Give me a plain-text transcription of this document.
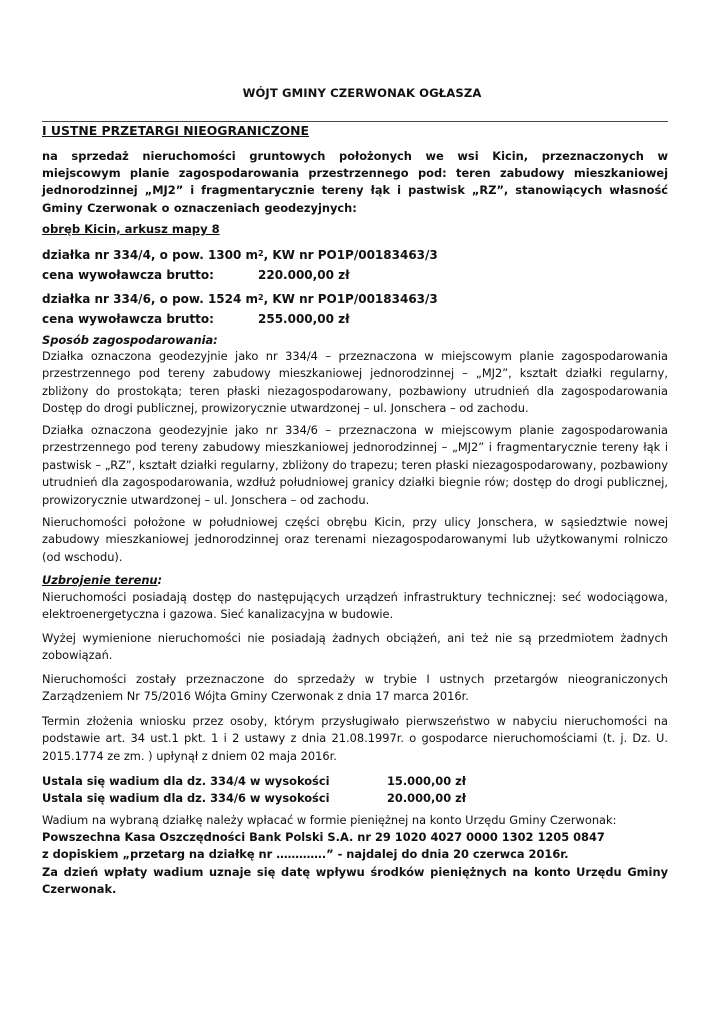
WÓJT GMINY CZERWONAK OGŁASZA
I USTNE PRZETARGI NIEOGRANICZONE
na sprzedaż nieruchomości gruntowych położonych we wsi Kicin, przeznaczonych w miejscowym planie zagospodarowania przestrzennego pod: teren zabudowy mieszkaniowej jednorodzinnej „MJ2” i fragmentarycznie tereny łąk i pastwisk „RZ”, stanowiących własność Gminy Czerwonak o oznaczeniach geodezyjnych:
obręb Kicin, arkusz mapy 8
działka nr 334/4, o pow. 1300 $m^2$, KW nr PO1P/00183463/3
cena wywoławcza brutto:	220.000,00 zł
działka nr 334/6, o pow. 1524 $m^2$, KW nr PO1P/00183463/3
cena wywoławcza brutto:	255.000,00 zł
Sposób zagospodarowania:
Działka oznaczona geodezyjnie jako nr 334/4 – przeznaczona w miejscowym planie zagospodarowania przestrzennego pod tereny zabudowy mieszkaniowej jednorodzinnej – „MJ2”, kształt działki regularny, zbliżony do prostokąta; teren płaski niezagospodarowany, pozbawiony utrudnień dla zagospodarowania Dostęp do drogi publicznej, prowizorycznie utwardzonej – ul. Jonschera – od zachodu.
Działka oznaczona geodezyjnie jako nr 334/6 – przeznaczona w miejscowym planie zagospodarowania przestrzennego pod tereny zabudowy mieszkaniowej jednorodzinnej – „MJ2” i fragmentarycznie tereny łąk i pastwisk – „RZ”, kształt działki regularny, zbliżony do trapezu; teren płaski niezagospodarowany, pozbawiony utrudnień dla zagospodarowania, wzdłuż południowej granicy działki biegnie rów; dostęp do drogi publicznej, prowizorycznie utwardzonej – ul. Jonschera – od zachodu.
Nieruchomości położone w południowej części obrębu Kicin, przy ulicy Jonschera, w sąsiedztwie nowej zabudowy mieszkaniowej jednorodzinnej oraz terenami niezagospodarowanymi lub użytkowanymi rolniczo (od wschodu).
Uzbrojenie terenu:
Nieruchomości posiadają dostęp do następujących urządzeń infrastruktury technicznej: seć wodociągowa, elektroenergetyczna i gazowa. Sieć kanalizacyjna w budowie.
Wyżej wymienione nieruchomości nie posiadają żadnych obciążeń, ani też nie są przedmiotem żadnych zobowiązań.
Nieruchomości zostały przeznaczone do sprzedaży w trybie I ustnych przetargów nieograniczonych Zarządzeniem Nr 75/2016 Wójta Gminy Czerwonak z dnia 17 marca 2016r.
Termin złożenia wniosku przez osoby, którym przysługiwało pierwszeństwo w nabyciu nieruchomości na podstawie art. 34 ust.1 pkt. 1 i 2 ustawy z dnia 21.08.1997r. o gospodarce nieruchomościami (t. j. Dz. U. 2015.1774 ze zm. ) upłynął z dniem 02 maja 2016r.
Ustala się wadium dla dz. 334/4 w wysokości	15.000,00 zł
Ustala się wadium dla dz. 334/6 w wysokości	20.000,00 zł
Wadium na wybraną działkę należy wpłacać w formie pieniężnej na konto Urzędu Gminy Czerwonak:
Powszechna Kasa Oszczędności Bank Polski S.A. nr 29 1020 4027 0000 1302 1205 0847
z dopiskiem „przetarg na działkę nr ………….” - najdalej do dnia 20 czerwca 2016r.
Za dzień wpłaty wadium uznaje się datę wpływu środków pieniężnych na konto Urzędu Gminy Czerwonak.
